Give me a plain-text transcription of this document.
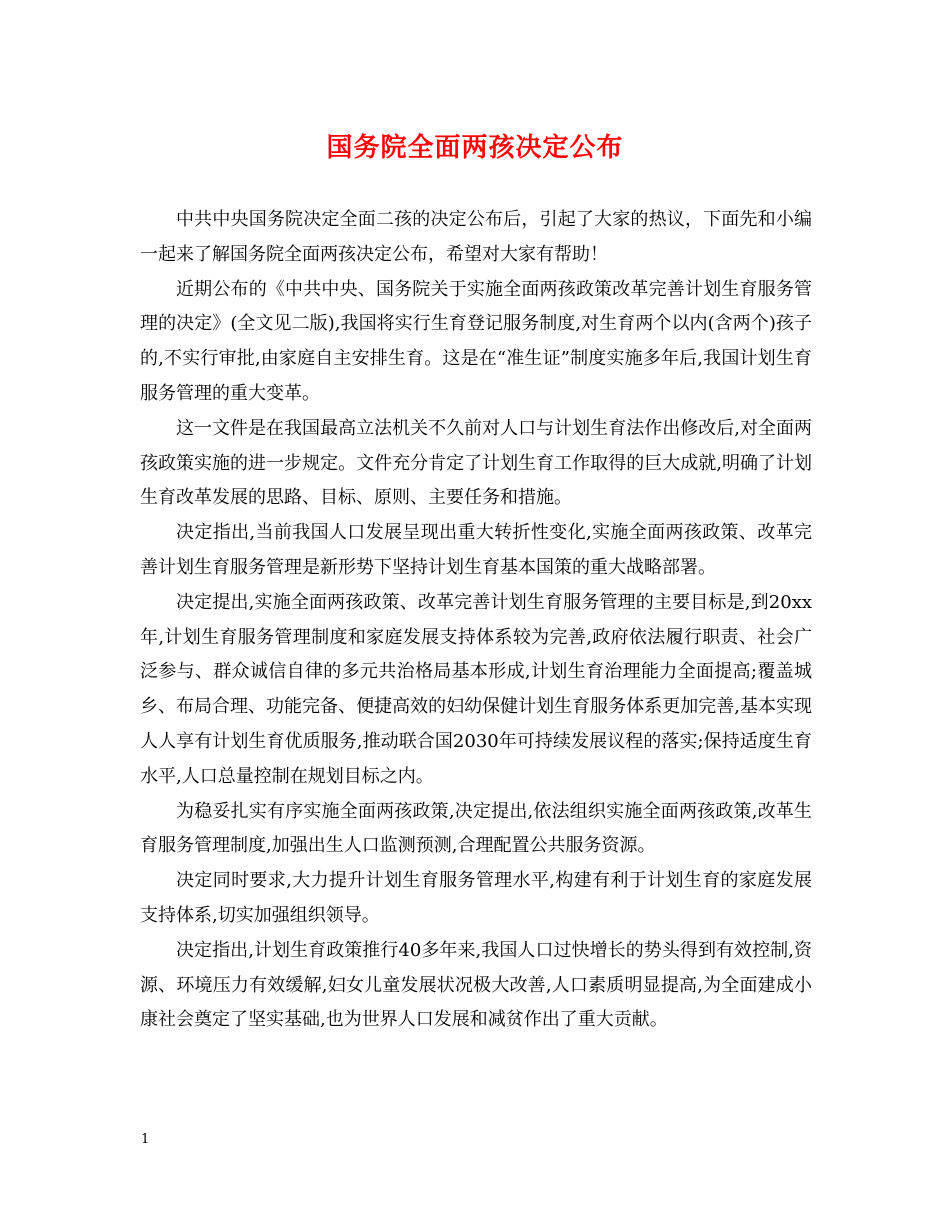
国务院全面两孩决定公布

中共中央国务院决定全面二孩的决定公布后，引起了大家的热议，下面先和小编一起来了解国务院全面两孩决定公布，希望对大家有帮助！

近期公布的《中共中央、国务院关于实施全面两孩政策改革完善计划生育服务管理的决定》(全文见二版),我国将实行生育登记服务制度,对生育两个以内(含两个)孩子的,不实行审批,由家庭自主安排生育。这是在“准生证”制度实施多年后,我国计划生育服务管理的重大变革。

这一文件是在我国最高立法机关不久前对人口与计划生育法作出修改后,对全面两孩政策实施的进一步规定。文件充分肯定了计划生育工作取得的巨大成就,明确了计划生育改革发展的思路、目标、原则、主要任务和措施。

决定指出,当前我国人口发展呈现出重大转折性变化,实施全面两孩政策、改革完善计划生育服务管理是新形势下坚持计划生育基本国策的重大战略部署。

决定提出,实施全面两孩政策、改革完善计划生育服务管理的主要目标是,到20xx年,计划生育服务管理制度和家庭发展支持体系较为完善,政府依法履行职责、社会广泛参与、群众诚信自律的多元共治格局基本形成,计划生育治理能力全面提高;覆盖城乡、布局合理、功能完备、便捷高效的妇幼保健计划生育服务体系更加完善,基本实现人人享有计划生育优质服务,推动联合国2030年可持续发展议程的落实;保持适度生育水平,人口总量控制在规划目标之内。

为稳妥扎实有序实施全面两孩政策,决定提出,依法组织实施全面两孩政策,改革生育服务管理制度,加强出生人口监测预测,合理配置公共服务资源。

决定同时要求,大力提升计划生育服务管理水平,构建有利于计划生育的家庭发展支持体系,切实加强组织领导。

决定指出,计划生育政策推行40多年来,我国人口过快增长的势头得到有效控制,资源、环境压力有效缓解,妇女儿童发展状况极大改善,人口素质明显提高,为全面建成小康社会奠定了坚实基础,也为世界人口发展和减贫作出了重大贡献。

1
